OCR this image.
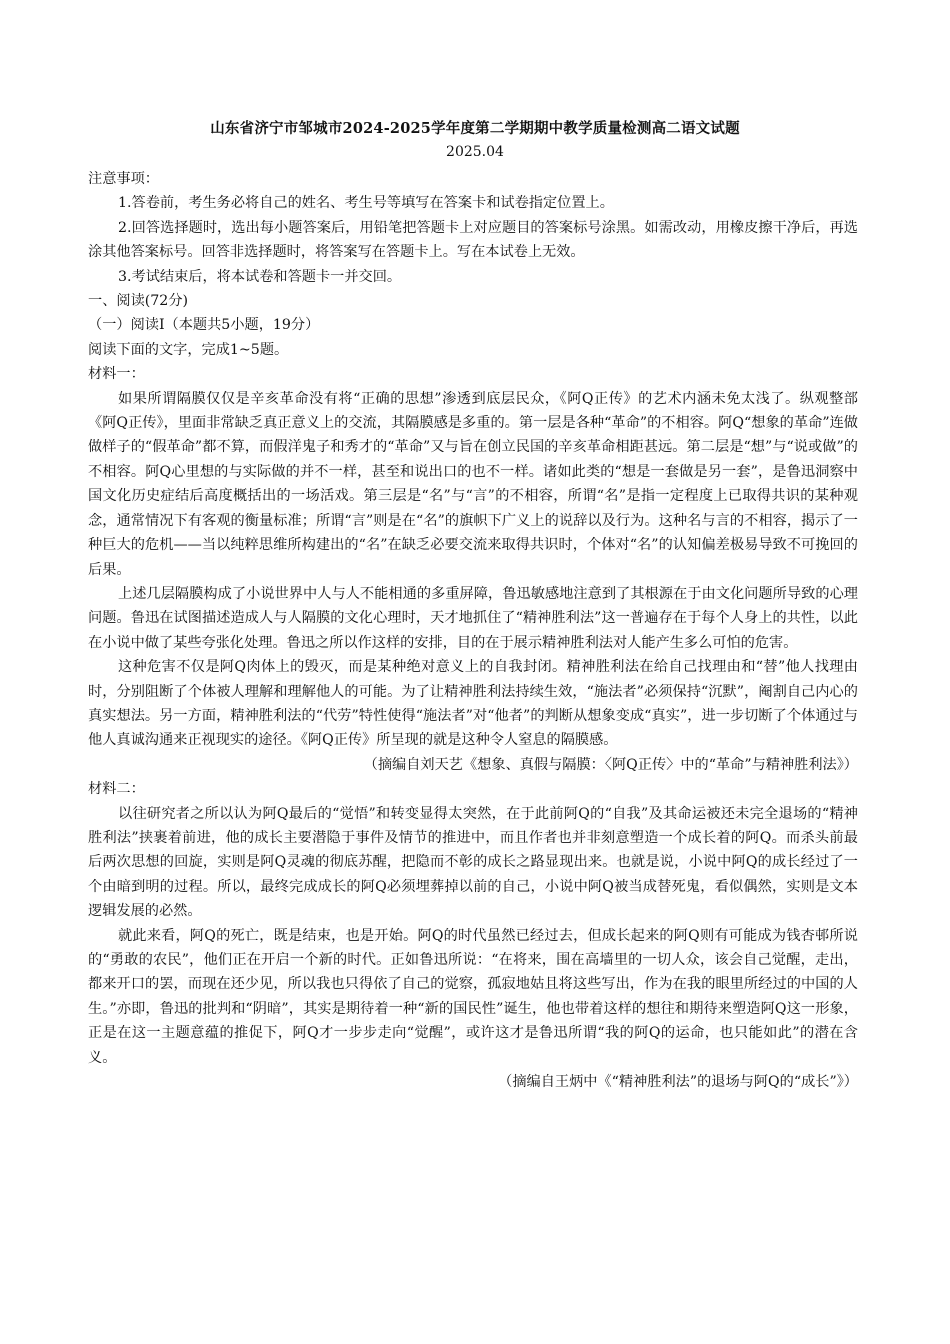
山东省济宁市邹城市2024-2025学年度第二学期期中教学质量检测高二语文试题
2025.04

注意事项：

1.答卷前，考生务必将自己的姓名、考生号等填写在答案卡和试卷指定位置上。

2.回答选择题时，选出每小题答案后，用铅笔把答题卡上对应题目的答案标号涂黑。如需改动，用橡皮擦干净后，再选涂其他答案标号。回答非选择题时，将答案写在答题卡上。写在本试卷上无效。

3.考试结束后，将本试卷和答题卡一并交回。

一、阅读(72分)

（一）阅读Ⅰ（本题共5小题，19分）

阅读下面的文字，完成1~5题。

材料一：

如果所谓隔膜仅仅是辛亥革命没有将“正确的思想”渗透到底层民众，《阿Q正传》的艺术内涵未免太浅了。纵观整部《阿Q正传》，里面非常缺乏真正意义上的交流，其隔膜感是多重的。第一层是各种“革命”的不相容。阿Q“想象的革命”连做做样子的“假革命”都不算，而假洋鬼子和秀才的“革命”又与旨在创立民国的辛亥革命相距甚远。第二层是“想”与“说或做”的不相容。阿Q心里想的与实际做的并不一样，甚至和说出口的也不一样。诸如此类的“想是一套做是另一套”，是鲁迅洞察中国文化历史症结后高度概括出的一场活戏。第三层是“名”与“言”的不相容，所谓“名”是指一定程度上已取得共识的某种观念，通常情况下有客观的衡量标准；所谓“言”则是在“名”的旗帜下广义上的说辞以及行为。这种名与言的不相容，揭示了一种巨大的危机——当以纯粹思维所构建出的“名”在缺乏必要交流来取得共识时，个体对“名”的认知偏差极易导致不可挽回的后果。

上述几层隔膜构成了小说世界中人与人不能相通的多重屏障，鲁迅敏感地注意到了其根源在于由文化问题所导致的心理问题。鲁迅在试图描述造成人与人隔膜的文化心理时，天才地抓住了“精神胜利法”这一普遍存在于每个人身上的共性，以此在小说中做了某些夸张化处理。鲁迅之所以作这样的安排，目的在于展示精神胜利法对人能产生多么可怕的危害。

这种危害不仅是阿Q肉体上的毁灭，而是某种绝对意义上的自我封闭。精神胜利法在给自己找理由和“替”他人找理由时，分别阻断了个体被人理解和理解他人的可能。为了让精神胜利法持续生效，“施法者”必须保持“沉默”，阉割自己内心的真实想法。另一方面，精神胜利法的“代劳”特性使得“施法者”对“他者”的判断从想象变成“真实”，进一步切断了个体通过与他人真诚沟通来正视现实的途径。《阿Q正传》所呈现的就是这种令人窒息的隔膜感。

（摘编自刘天艺《想象、真假与隔膜：〈阿Q正传〉中的“革命”与精神胜利法》）

材料二：

以往研究者之所以认为阿Q最后的“觉悟”和转变显得太突然，在于此前阿Q的“自我”及其命运被还未完全退场的“精神胜利法”挟裹着前进，他的成长主要潜隐于事件及情节的推进中，而且作者也并非刻意塑造一个成长着的阿Q。而杀头前最后两次思想的回旋，实则是阿Q灵魂的彻底苏醒，把隐而不彰的成长之路显现出来。也就是说，小说中阿Q的成长经过了一个由暗到明的过程。所以，最终完成成长的阿Q必须埋葬掉以前的自己，小说中阿Q被当成替死鬼，看似偶然，实则是文本逻辑发展的必然。

就此来看，阿Q的死亡，既是结束，也是开始。阿Q的时代虽然已经过去，但成长起来的阿Q则有可能成为钱杏邨所说的“勇敢的农民”，他们正在开启一个新的时代。正如鲁迅所说：“在将来，围在高墙里的一切人众，该会自己觉醒，走出，都来开口的罢，而现在还少见，所以我也只得依了自己的觉察，孤寂地姑且将这些写出，作为在我的眼里所经过的中国的人生。”亦即，鲁迅的批判和“阴暗”，其实是期待着一种“新的国民性”诞生，他也带着这样的想往和期待来塑造阿Q这一形象，正是在这一主题意蕴的推促下，阿Q才一步步走向“觉醒”，或许这才是鲁迅所谓“我的阿Q的运命，也只能如此”的潜在含义。

（摘编自王炳中《“精神胜利法”的退场与阿Q的“成长”》）
